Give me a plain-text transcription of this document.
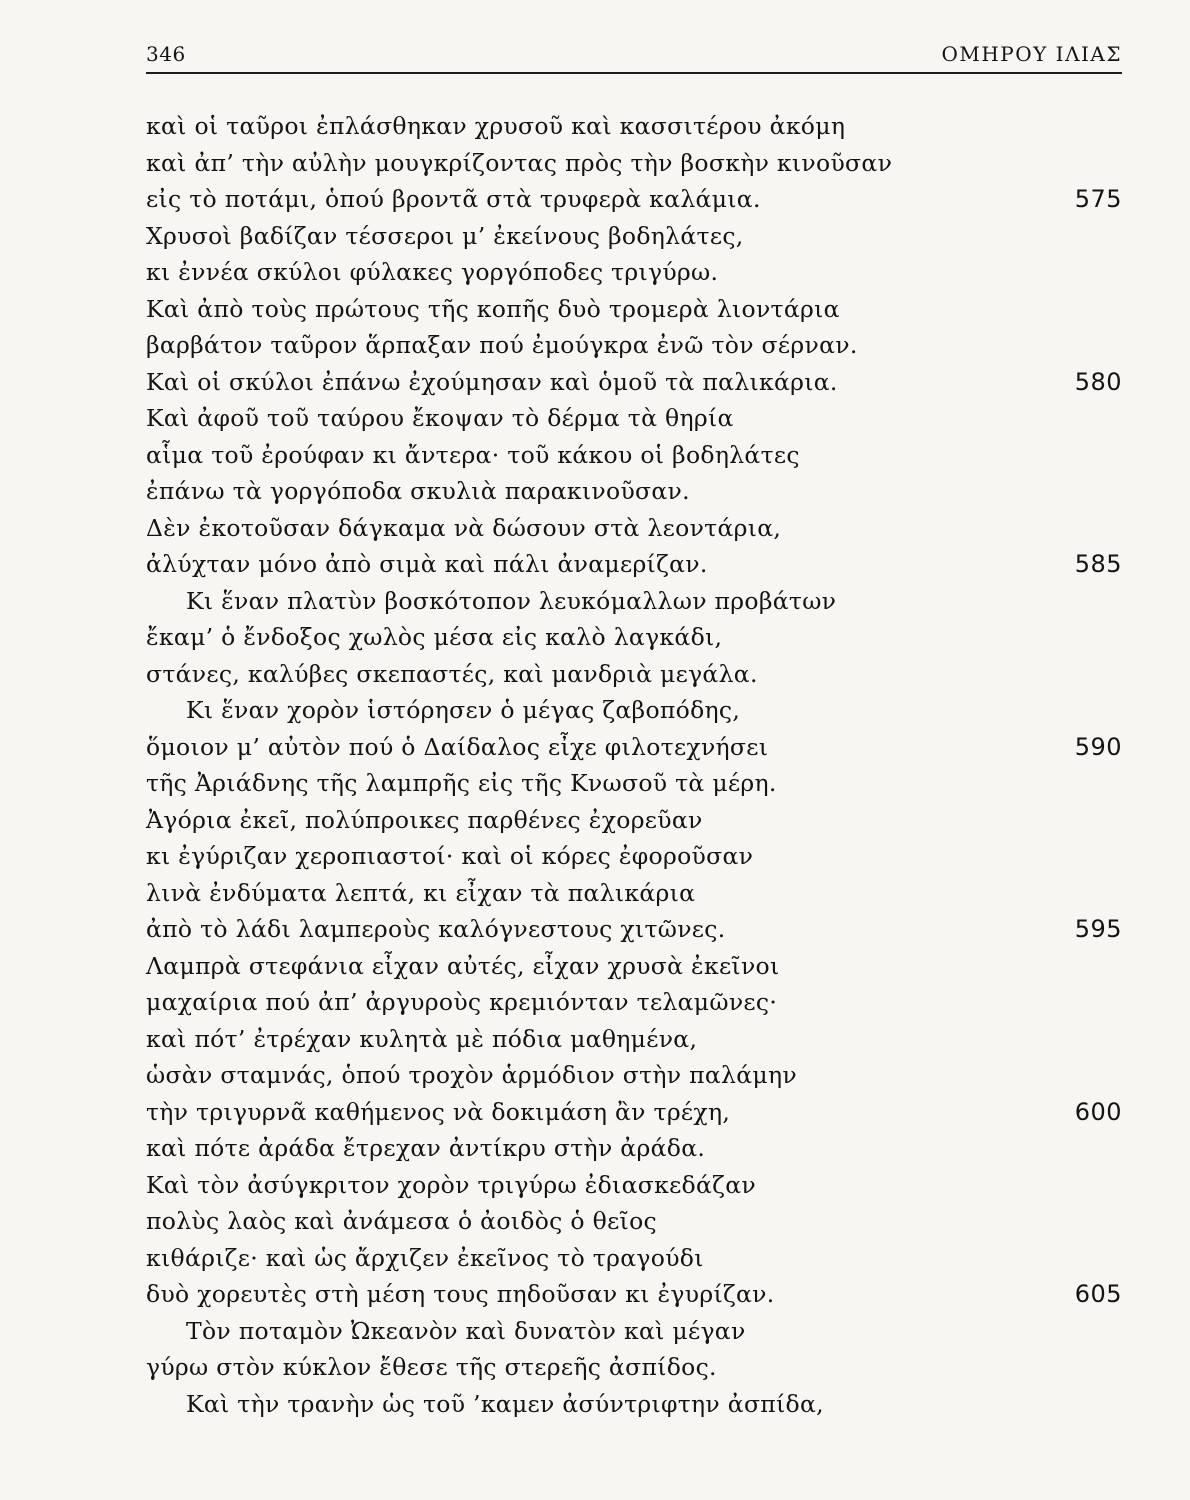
346	ΟΜΗΡΟΥ ΙΛΙΑΣ
καὶ οἱ ταῦροι ἐπλάσθηκαν χρυσοῦ καὶ κασσιτέρου ἀκόμη
καὶ ἀπ’ τὴν αὐλὴν μουγκρίζοντας πρὸς τὴν βοσκὴν κινοῦσαν
εἰς τὸ ποτάμι, ὁπού βροντᾶ στὰ τρυφερὰ καλάμια.	575
Χρυσοὶ βαδίζαν τέσσεροι μ’ ἐκείνους βοδηλάτες,
κι ἐννέα σκύλοι φύλακες γοργόποδες τριγύρω.
Καὶ ἀπὸ τοὺς πρώτους τῆς κοπῆς δυὸ τρομερὰ λιοντάρια
βαρβάτον ταῦρον ἅρπαξαν πού ἐμούγκρα ἐνῶ τὸν σέρναν.
Καὶ οἱ σκύλοι ἐπάνω ἐχούμησαν καὶ ὁμοῦ τὰ παλικάρια.	580
Καὶ ἀφοῦ τοῦ ταύρου ἔκοψαν τὸ δέρμα τὰ θηρία
αἷμα τοῦ ἐρούφαν κι ἄντερα· τοῦ κάκου οἱ βοδηλάτες
ἐπάνω τὰ γοργόποδα σκυλιὰ παρακινοῦσαν.
Δὲν ἐκοτοῦσαν δάγκαμα νὰ δώσουν στὰ λεοντάρια,
ἀλύχταν μόνο ἀπὸ σιμὰ καὶ πάλι ἀναμερίζαν.	585
Κι ἕναν πλατὺν βοσκότοπον λευκόμαλλων προβάτων
ἔκαμ’ ὁ ἔνδοξος χωλὸς μέσα εἰς καλὸ λαγκάδι,
στάνες, καλύβες σκεπαστές, καὶ μανδριὰ μεγάλα.
Κι ἕναν χορὸν ἱστόρησεν ὁ μέγας ζαβοπόδης,
ὅμοιον μ’ αὐτὸν πού ὁ Δαίδαλος εἶχε φιλοτεχνήσει	590
τῆς Ἀριάδνης τῆς λαμπρῆς εἰς τῆς Κνωσοῦ τὰ μέρη.
Ἀγόρια ἐκεῖ, πολύπροικες παρθένες ἐχορεῦαν
κι ἐγύριζαν χεροπιαστοί· καὶ οἱ κόρες ἐφοροῦσαν
λινὰ ἐνδύματα λεπτά, κι εἶχαν τὰ παλικάρια
ἀπὸ τὸ λάδι λαμπεροὺς καλόγνεστους χιτῶνες.	595
Λαμπρὰ στεφάνια εἶχαν αὐτές, εἶχαν χρυσὰ ἐκεῖνοι
μαχαίρια πού ἀπ’ ἀργυροὺς κρεμιόνταν τελαμῶνες·
καὶ πότ’ ἐτρέχαν κυλητὰ μὲ πόδια μαθημένα,
ὡσὰν σταμνάς, ὁπού τροχὸν ἁρμόδιον στὴν παλάμην
τὴν τριγυρνᾶ καθήμενος νὰ δοκιμάση ἂν τρέχη,	600
καὶ πότε ἀράδα ἔτρεχαν ἀντίκρυ στὴν ἀράδα.
Καὶ τὸν ἀσύγκριτον χορὸν τριγύρω ἐδιασκεδάζαν
πολὺς λαὸς καὶ ἀνάμεσα ὁ ἀοιδὸς ὁ θεῖος
κιθάριζε· καὶ ὡς ἄρχιζεν ἐκεῖνος τὸ τραγούδι
δυὸ χορευτὲς στὴ μέση τους πηδοῦσαν κι ἐγυρίζαν.	605
Τὸν ποταμὸν Ὠκεανὸν καὶ δυνατὸν καὶ μέγαν
γύρω στὸν κύκλον ἔθεσε τῆς στερεῆς ἀσπίδος.
Καὶ τὴν τρανὴν ὡς τοῦ ’καμεν ἀσύντριφτην ἀσπίδα,
